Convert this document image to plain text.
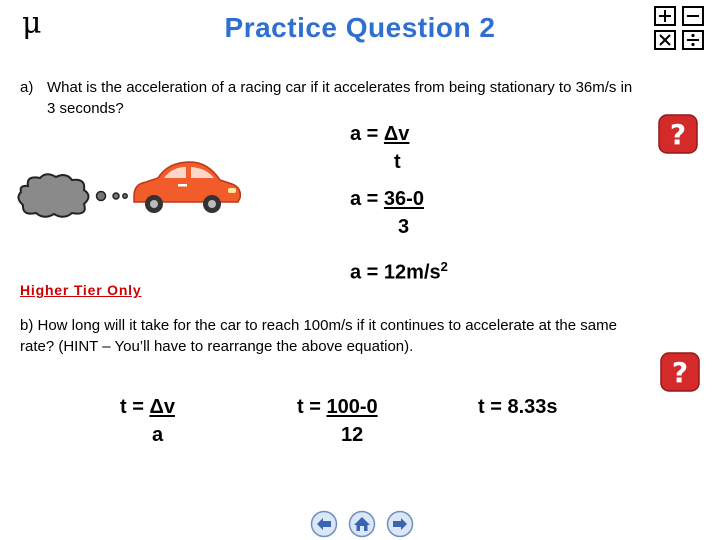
μ	Practice Question 2
a) What is the acceleration of a racing car if it accelerates from being stationary to 36m/s in
3 seconds?
a = Δv
t
a = 36-0
3
$a = 12m/s^2$
?
Higher Tier Only
b) How long will it take for the car to reach 100m/s if it continues to accelerate at the same
rate? (HINT – You’ll have to rearrange the above equation).
?
t = Δv
a
t = 100-0
12
t = 8.33s
